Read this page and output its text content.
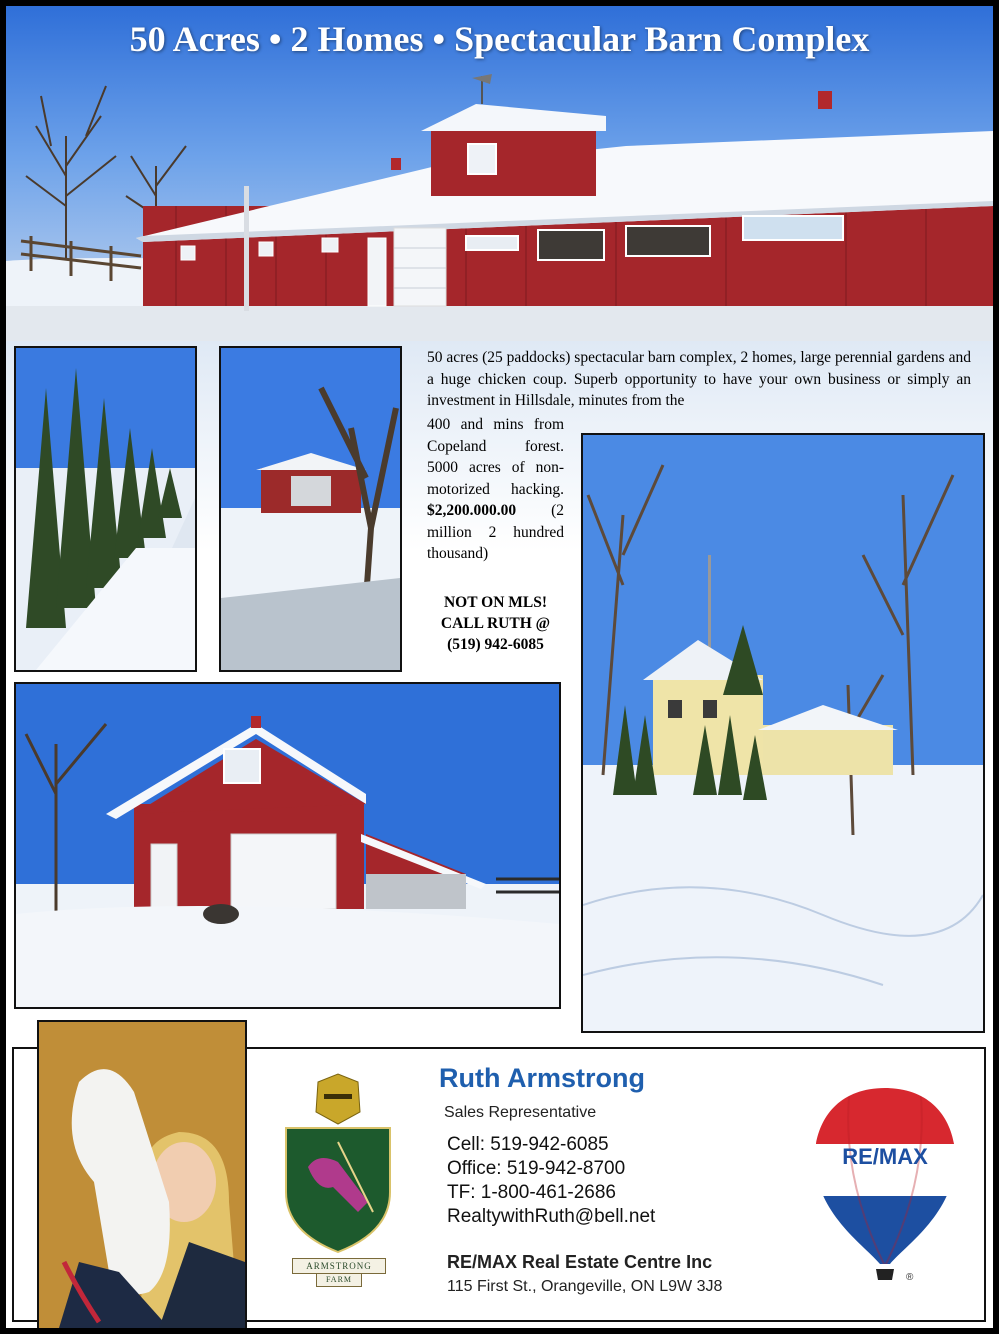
50 Acres • 2 Homes • Spectacular Barn Complex
50 acres (25 paddocks) spectacular barn complex, 2 homes, large perennial gardens and a huge chicken coup. Superb opportunity to have your own business or simply an investment in Hillsdale, minutes from the
400 and mins from Copeland forest. 5000 acres of non-motorized hacking. $2,200.000.00 (2 million 2 hundred thousand)
NOT ON MLS!
CALL RUTH @
(519) 942-6085
ARMSTRONG
FARM
Ruth Armstrong
Sales Representative
Cell: 519-942-6085
Office: 519-942-8700
TF: 1-800-461-2686
RealtywithRuth@bell.net
RE/MAX Real Estate Centre Inc
115 First St., Orangeville, ON L9W 3J8
RE/MAX
®
